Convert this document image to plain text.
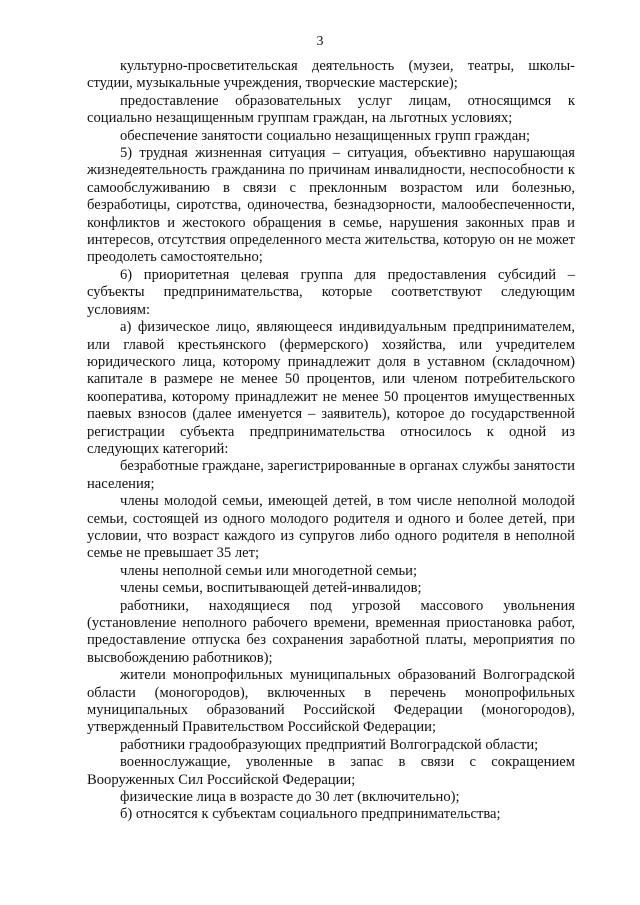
3

культурно-просветительская деятельность (музеи, театры, школы-студии, музыкальные учреждения, творческие мастерские);

предоставление образовательных услуг лицам, относящимся к социально незащищенным группам граждан, на льготных условиях;

обеспечение занятости социально незащищенных групп граждан;

5) трудная жизненная ситуация – ситуация, объективно нарушающая жизнедеятельность гражданина по причинам инвалидности, неспособности к самообслуживанию в связи с преклонным возрастом или болезнью, безработицы, сиротства, одиночества, безнадзорности, малообеспеченности, конфликтов и жестокого обращения в семье, нарушения законных прав и интересов, отсутствия определенного места жительства, которую он не может преодолеть самостоятельно;

6) приоритетная целевая группа для предоставления субсидий – субъекты предпринимательства, которые соответствуют следующим условиям:

а) физическое лицо, являющееся индивидуальным предпринимателем, или главой крестьянского (фермерского) хозяйства, или учредителем юридического лица, которому принадлежит доля в уставном (складочном) капитале в размере не менее 50 процентов, или членом потребительского кооператива, которому принадлежит не менее 50 процентов имущественных паевых взносов (далее именуется – заявитель), которое до государственной регистрации субъекта предпринимательства относилось к одной из следующих категорий:

безработные граждане, зарегистрированные в органах службы занятости населения;

члены молодой семьи, имеющей детей, в том числе неполной молодой семьи, состоящей из одного молодого родителя и одного и более детей, при условии, что возраст каждого из супругов либо одного родителя в неполной семье не превышает 35 лет;

члены неполной семьи или многодетной семьи;

члены семьи, воспитывающей детей-инвалидов;

работники, находящиеся под угрозой массового увольнения (установление неполного рабочего времени, временная приостановка работ, предоставление отпуска без сохранения заработной платы, мероприятия по высвобождению работников);

жители монопрофильных муниципальных образований Волгоградской области (моногородов), включенных в перечень монопрофильных муниципальных образований Российской Федерации (моногородов), утвержденный Правительством Российской Федерации;

работники градообразующих предприятий Волгоградской области;

военнослужащие, уволенные в запас в связи с сокращением Вооруженных Сил Российской Федерации;

физические лица в возрасте до 30 лет (включительно);

б) относятся к субъектам социального предпринимательства;
